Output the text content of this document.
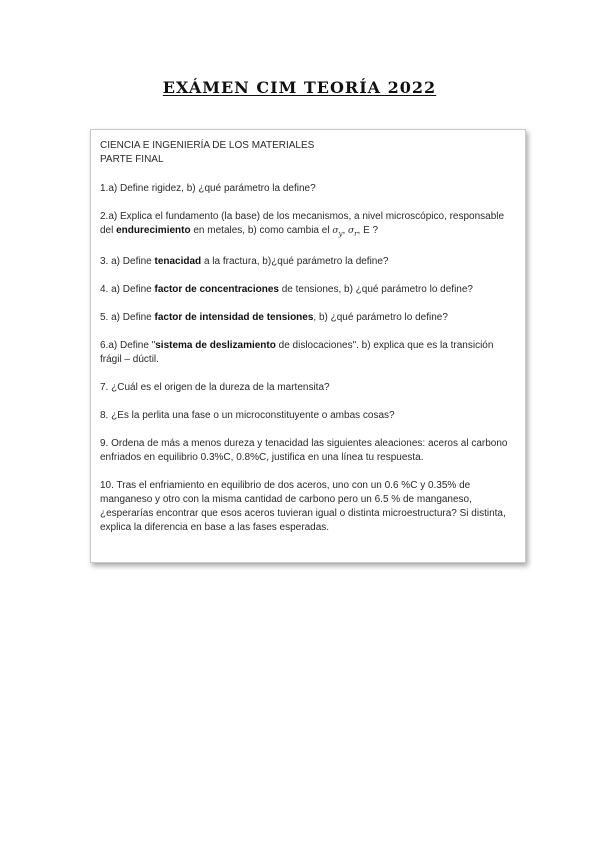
EXÁMEN CIM TEORÍA 2022

CIENCIA E INGENIERÍA DE LOS MATERIALES

PARTE FINAL

1.a) Define rigidez, b) ¿qué parámetro la define?

2.a) Explica el fundamento (la base) de los mecanismos, a nivel microscópico, responsable del endurecimiento en metales, b) como cambia el $\sigma_y$, $\sigma_r$, E ?

3. a) Define tenacidad a la fractura, b)¿qué parámetro la define?

4. a) Define factor de concentraciones de tensiones, b) ¿qué parámetro lo define?

5. a) Define factor de intensidad de tensiones, b) ¿qué parámetro lo define?

6.a) Define "sistema de deslizamiento de dislocaciones". b) explica que es la transición frágil – dúctil.

7. ¿Cuál es el origen de la dureza de la martensita?

8. ¿Es la perlita una fase o un microconstituyente o ambas cosas?

9. Ordena de más a menos dureza y tenacidad las siguientes aleaciones: aceros al carbono enfriados en equilibrio 0.3%C, 0.8%C, justifica en una línea tu respuesta.

10. Tras el enfriamiento en equilibrio de dos aceros, uno con un 0.6 %C y 0.35% de manganeso y otro con la misma cantidad de carbono pero un 6.5 % de manganeso, ¿esperarías encontrar que esos aceros tuvieran igual o distinta microestructura? Si distinta, explica la diferencia en base a las fases esperadas.
